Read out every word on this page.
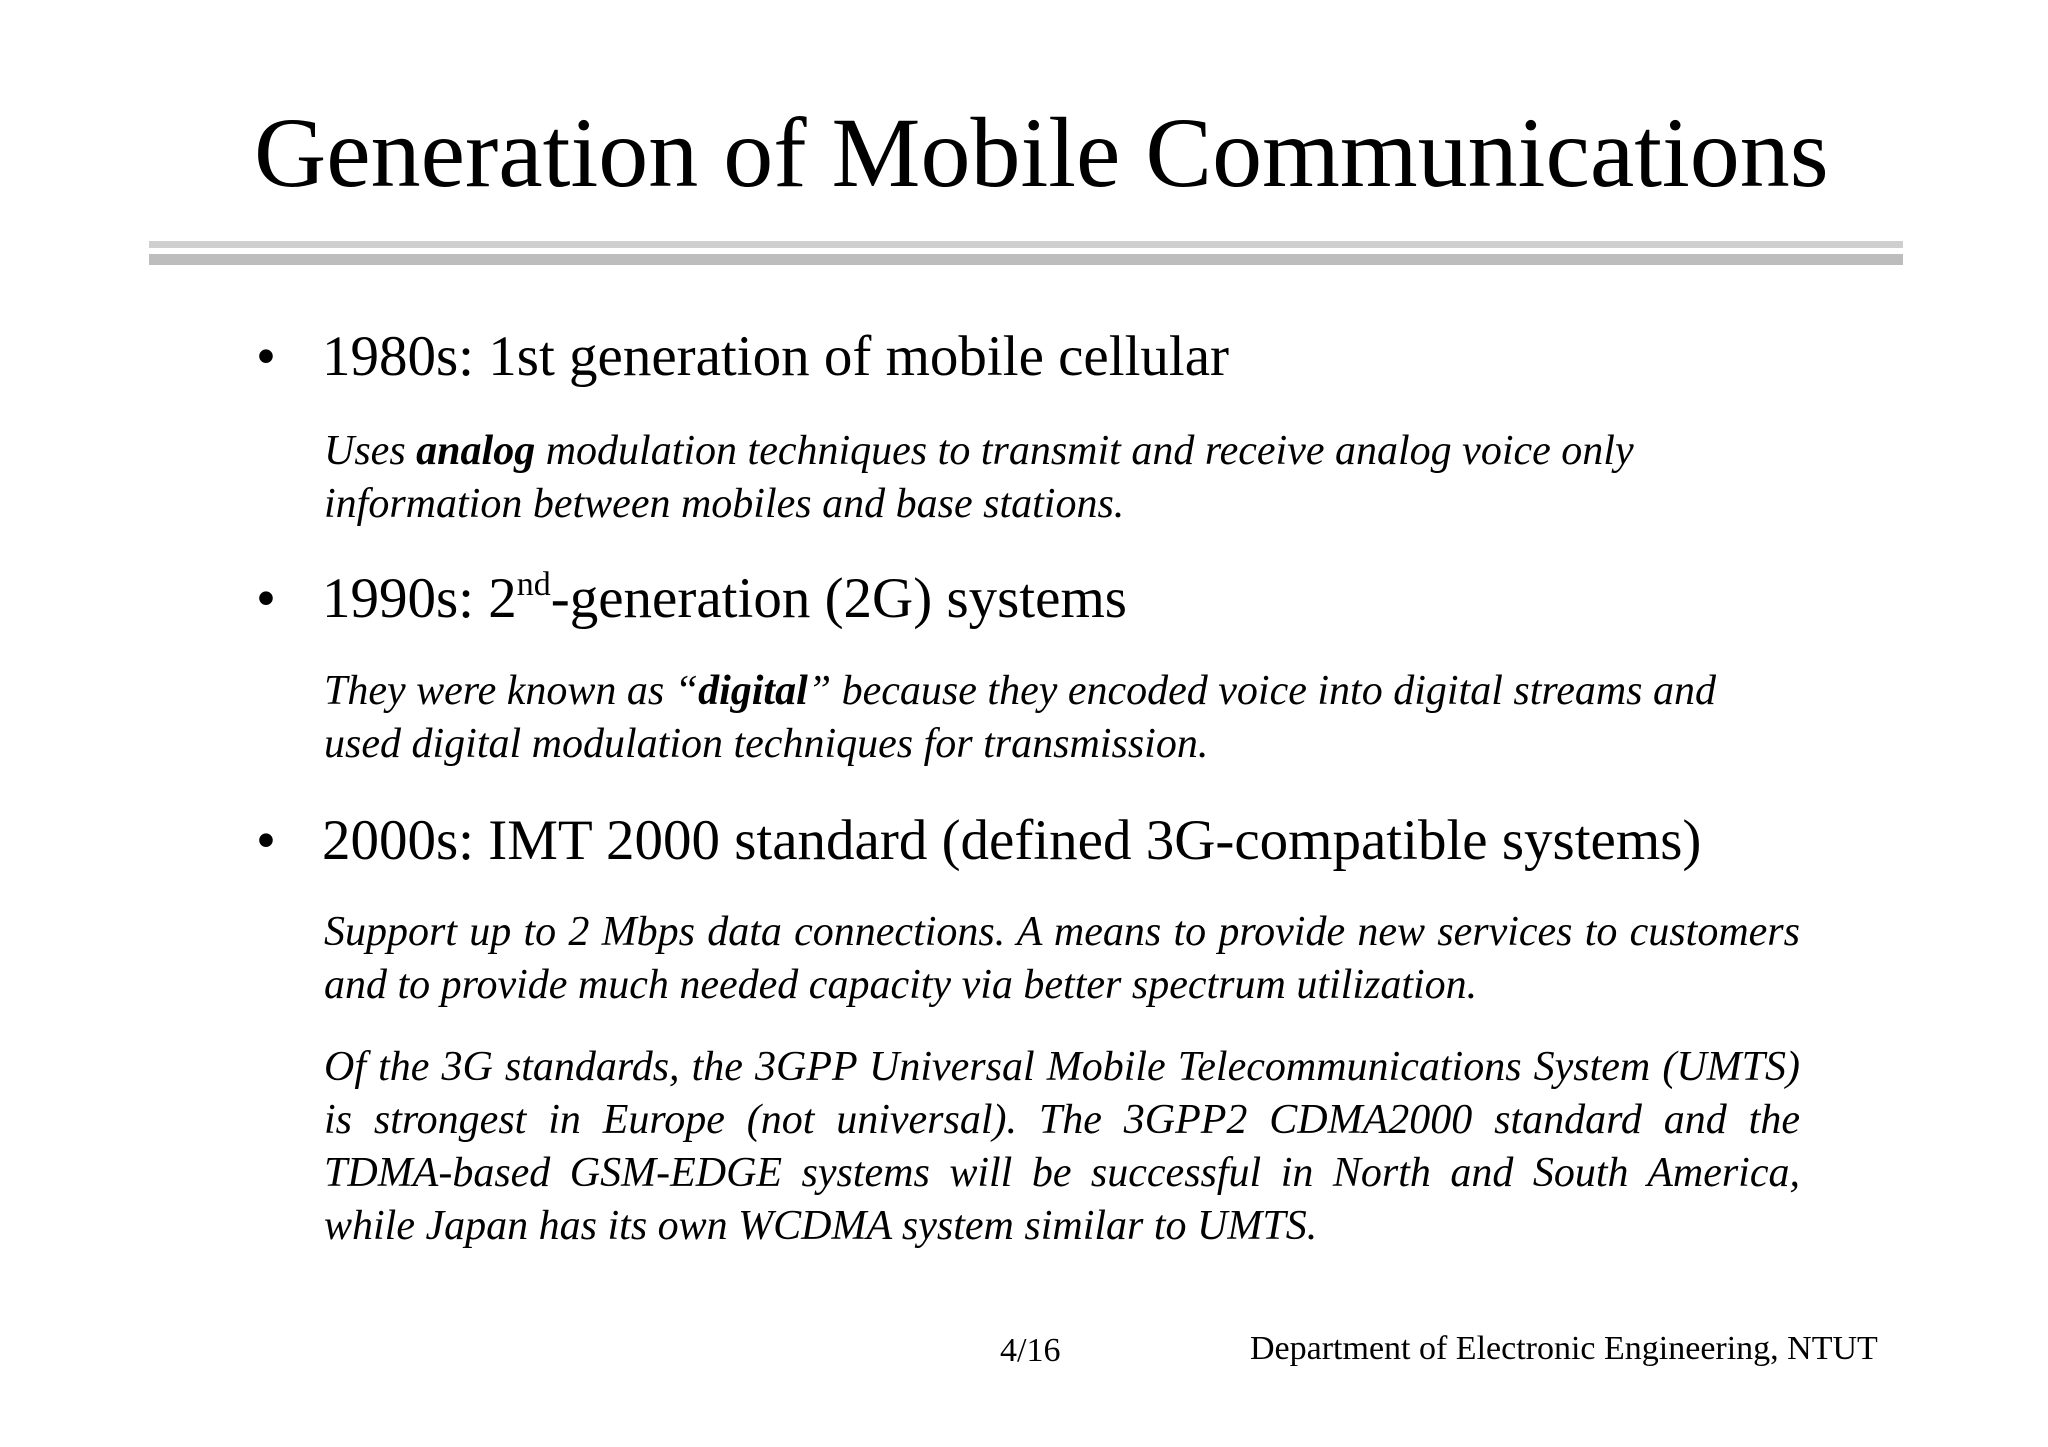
Generation of Mobile Communications
• 1980s: 1st generation of mobile cellular

Uses analog modulation techniques to transmit and receive analog voice only information between mobiles and base stations.

• 1990s: 2nd-generation (2G) systems

They were known as “digital” because they encoded voice into digital streams and used digital modulation techniques for transmission.

• 2000s: IMT 2000 standard (defined 3G-compatible systems)

Support up to 2 Mbps data connections. A means to provide new services to customers and to provide much needed capacity via better spectrum utilization.

Of the 3G standards, the 3GPP Universal Mobile Telecommunications System (UMTS) is strongest in Europe (not universal). The 3GPP2 CDMA2000 standard and the TDMA-based GSM-EDGE systems will be successful in North and South America, while Japan has its own WCDMA system similar to UMTS.

4/16	Department of Electronic Engineering, NTUT
